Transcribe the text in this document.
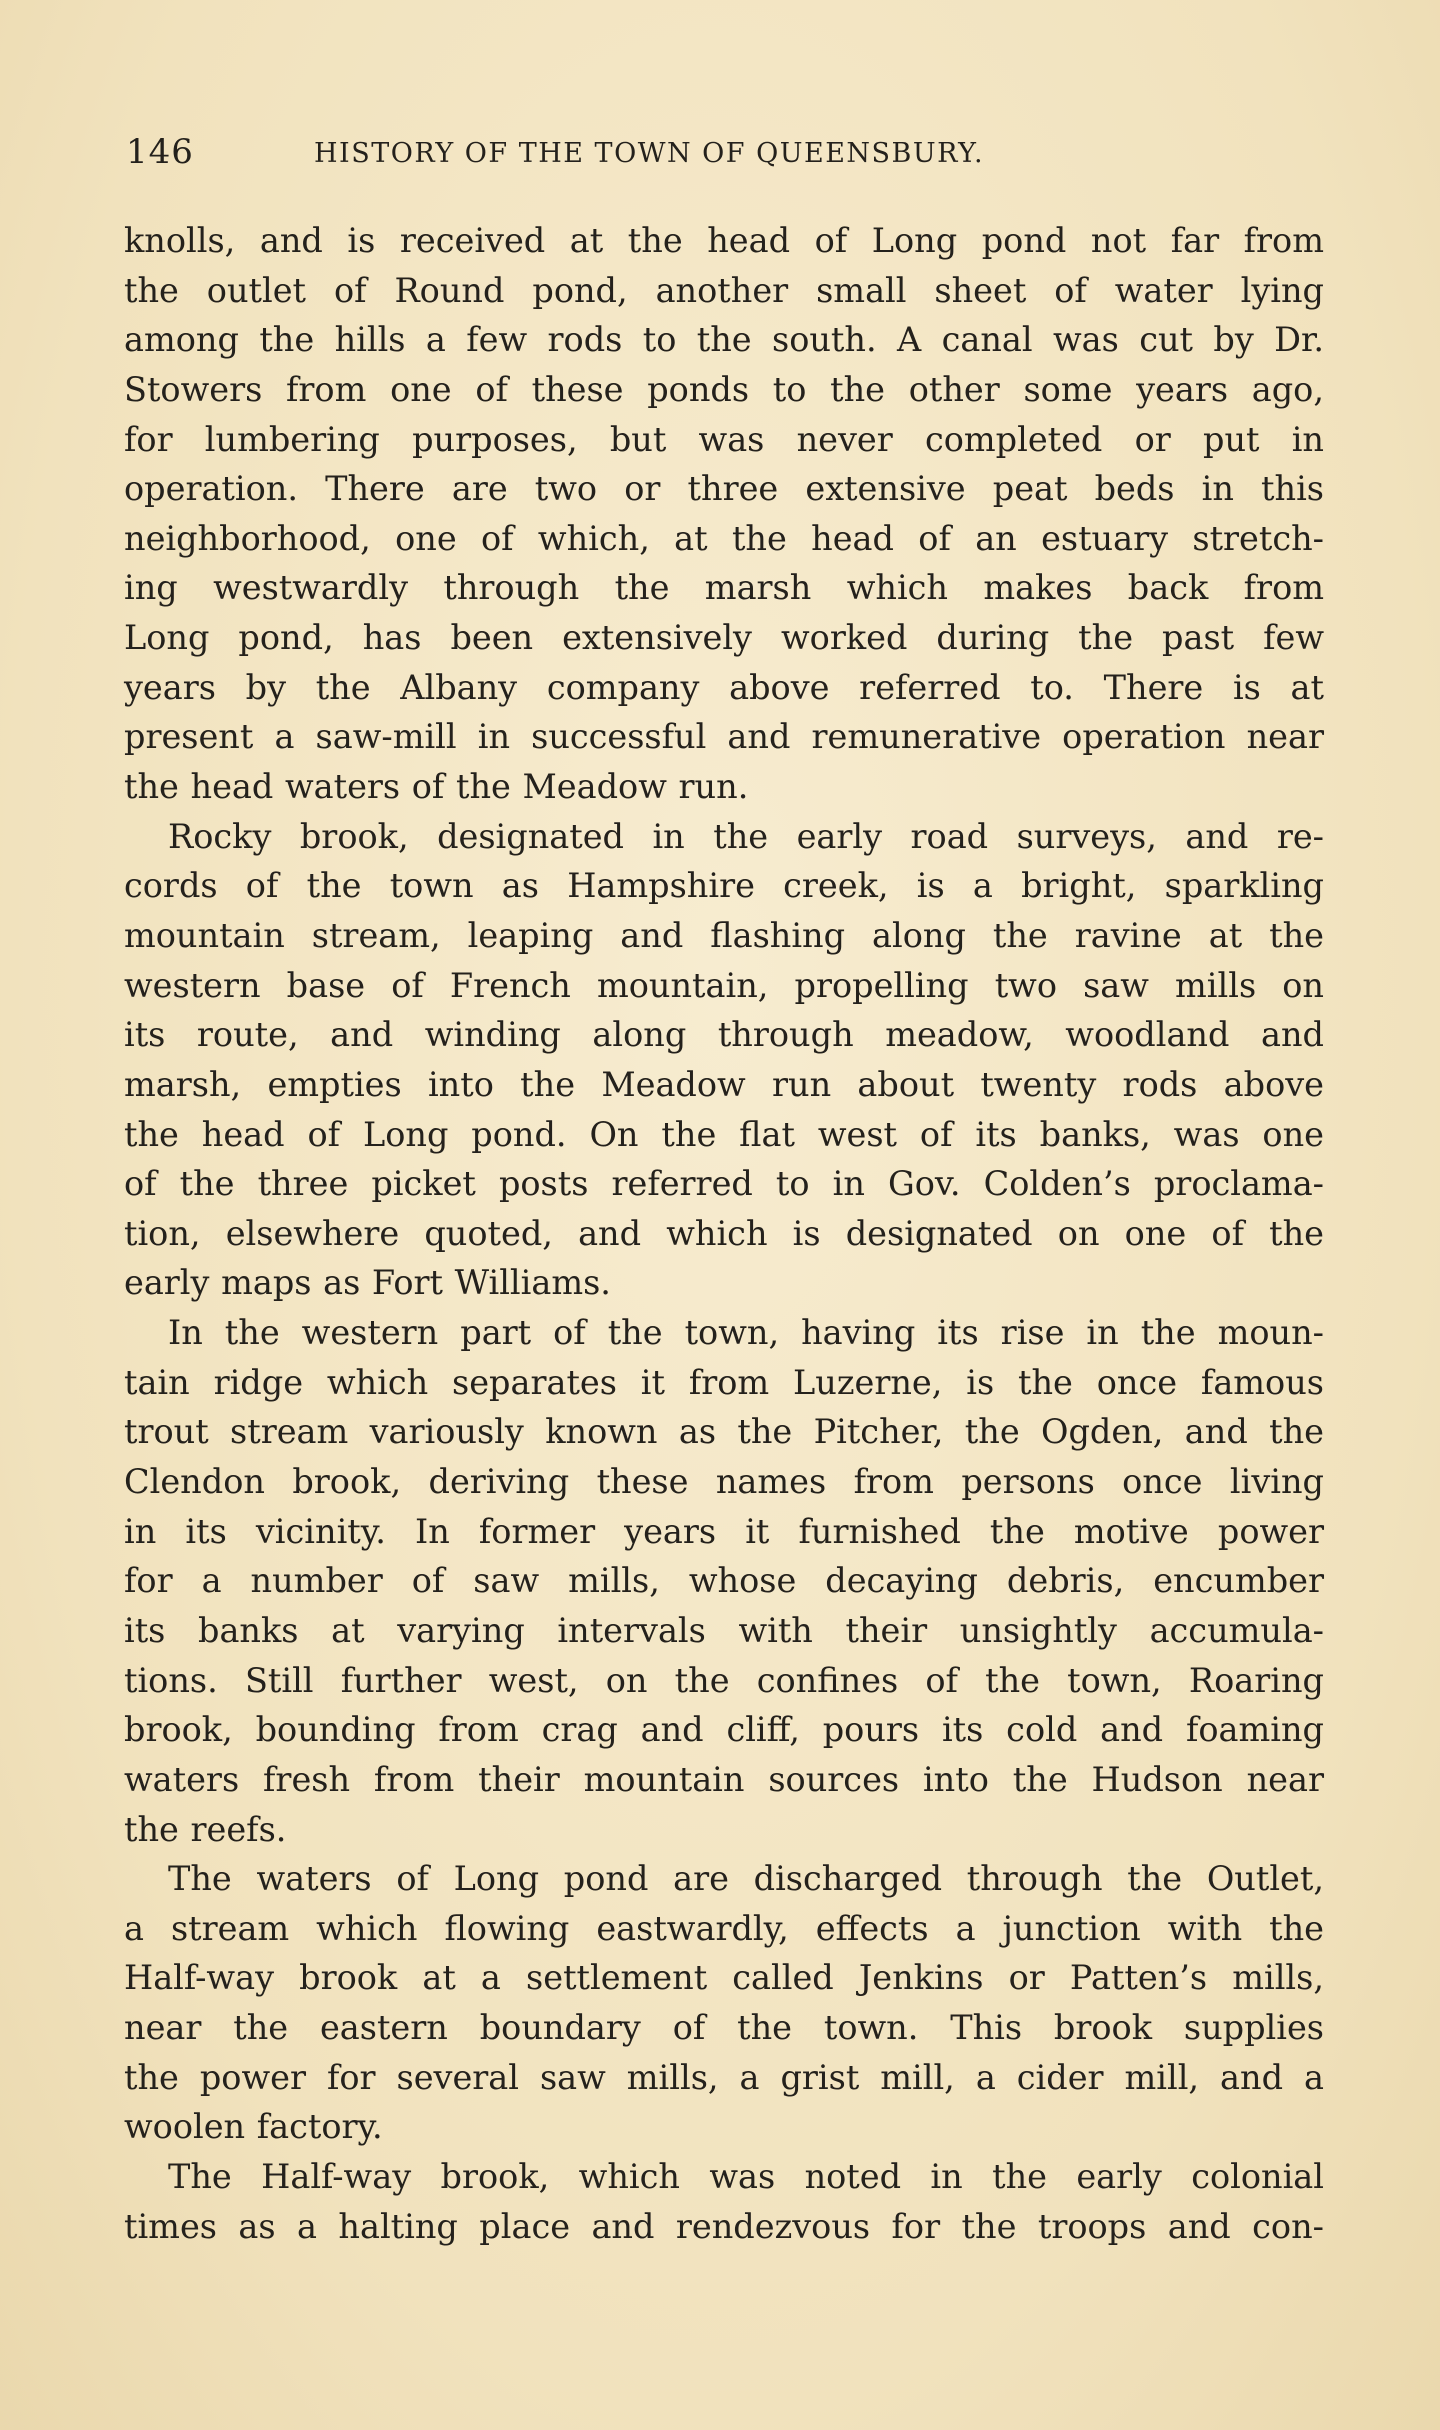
146	HISTORY OF THE TOWN OF QUEENSBURY.
knolls, and is received at the head of Long pond not far from
the outlet of Round pond, another small sheet of water lying
among the hills a few rods to the south. A canal was cut by Dr.
Stowers from one of these ponds to the other some years ago,
for lumbering purposes, but was never completed or put in
operation. There are two or three extensive peat beds in this
neighborhood, one of which, at the head of an estuary stretch-
ing westwardly through the marsh which makes back from
Long pond, has been extensively worked during the past few
years by the Albany company above referred to. There is at
present a saw-mill in successful and remunerative operation near
the head waters of the Meadow run.
Rocky brook, designated in the early road surveys, and re-
cords of the town as Hampshire creek, is a bright, sparkling
mountain stream, leaping and flashing along the ravine at the
western base of French mountain, propelling two saw mills on
its route, and winding along through meadow, woodland and
marsh, empties into the Meadow run about twenty rods above
the head of Long pond. On the flat west of its banks, was one
of the three picket posts referred to in Gov. Colden’s proclama-
tion, elsewhere quoted, and which is designated on one of the
early maps as Fort Williams.
In the western part of the town, having its rise in the moun-
tain ridge which separates it from Luzerne, is the once famous
trout stream variously known as the Pitcher, the Ogden, and the
Clendon brook, deriving these names from persons once living
in its vicinity. In former years it furnished the motive power
for a number of saw mills, whose decaying debris, encumber
its banks at varying intervals with their unsightly accumula-
tions. Still further west, on the confines of the town, Roaring
brook, bounding from crag and cliff, pours its cold and foaming
waters fresh from their mountain sources into the Hudson near
the reefs.
The waters of Long pond are discharged through the Outlet,
a stream which flowing eastwardly, effects a junction with the
Half-way brook at a settlement called Jenkins or Patten’s mills,
near the eastern boundary of the town. This brook supplies
the power for several saw mills, a grist mill, a cider mill, and a
woolen factory.
The Half-way brook, which was noted in the early colonial
times as a halting place and rendezvous for the troops and con-
